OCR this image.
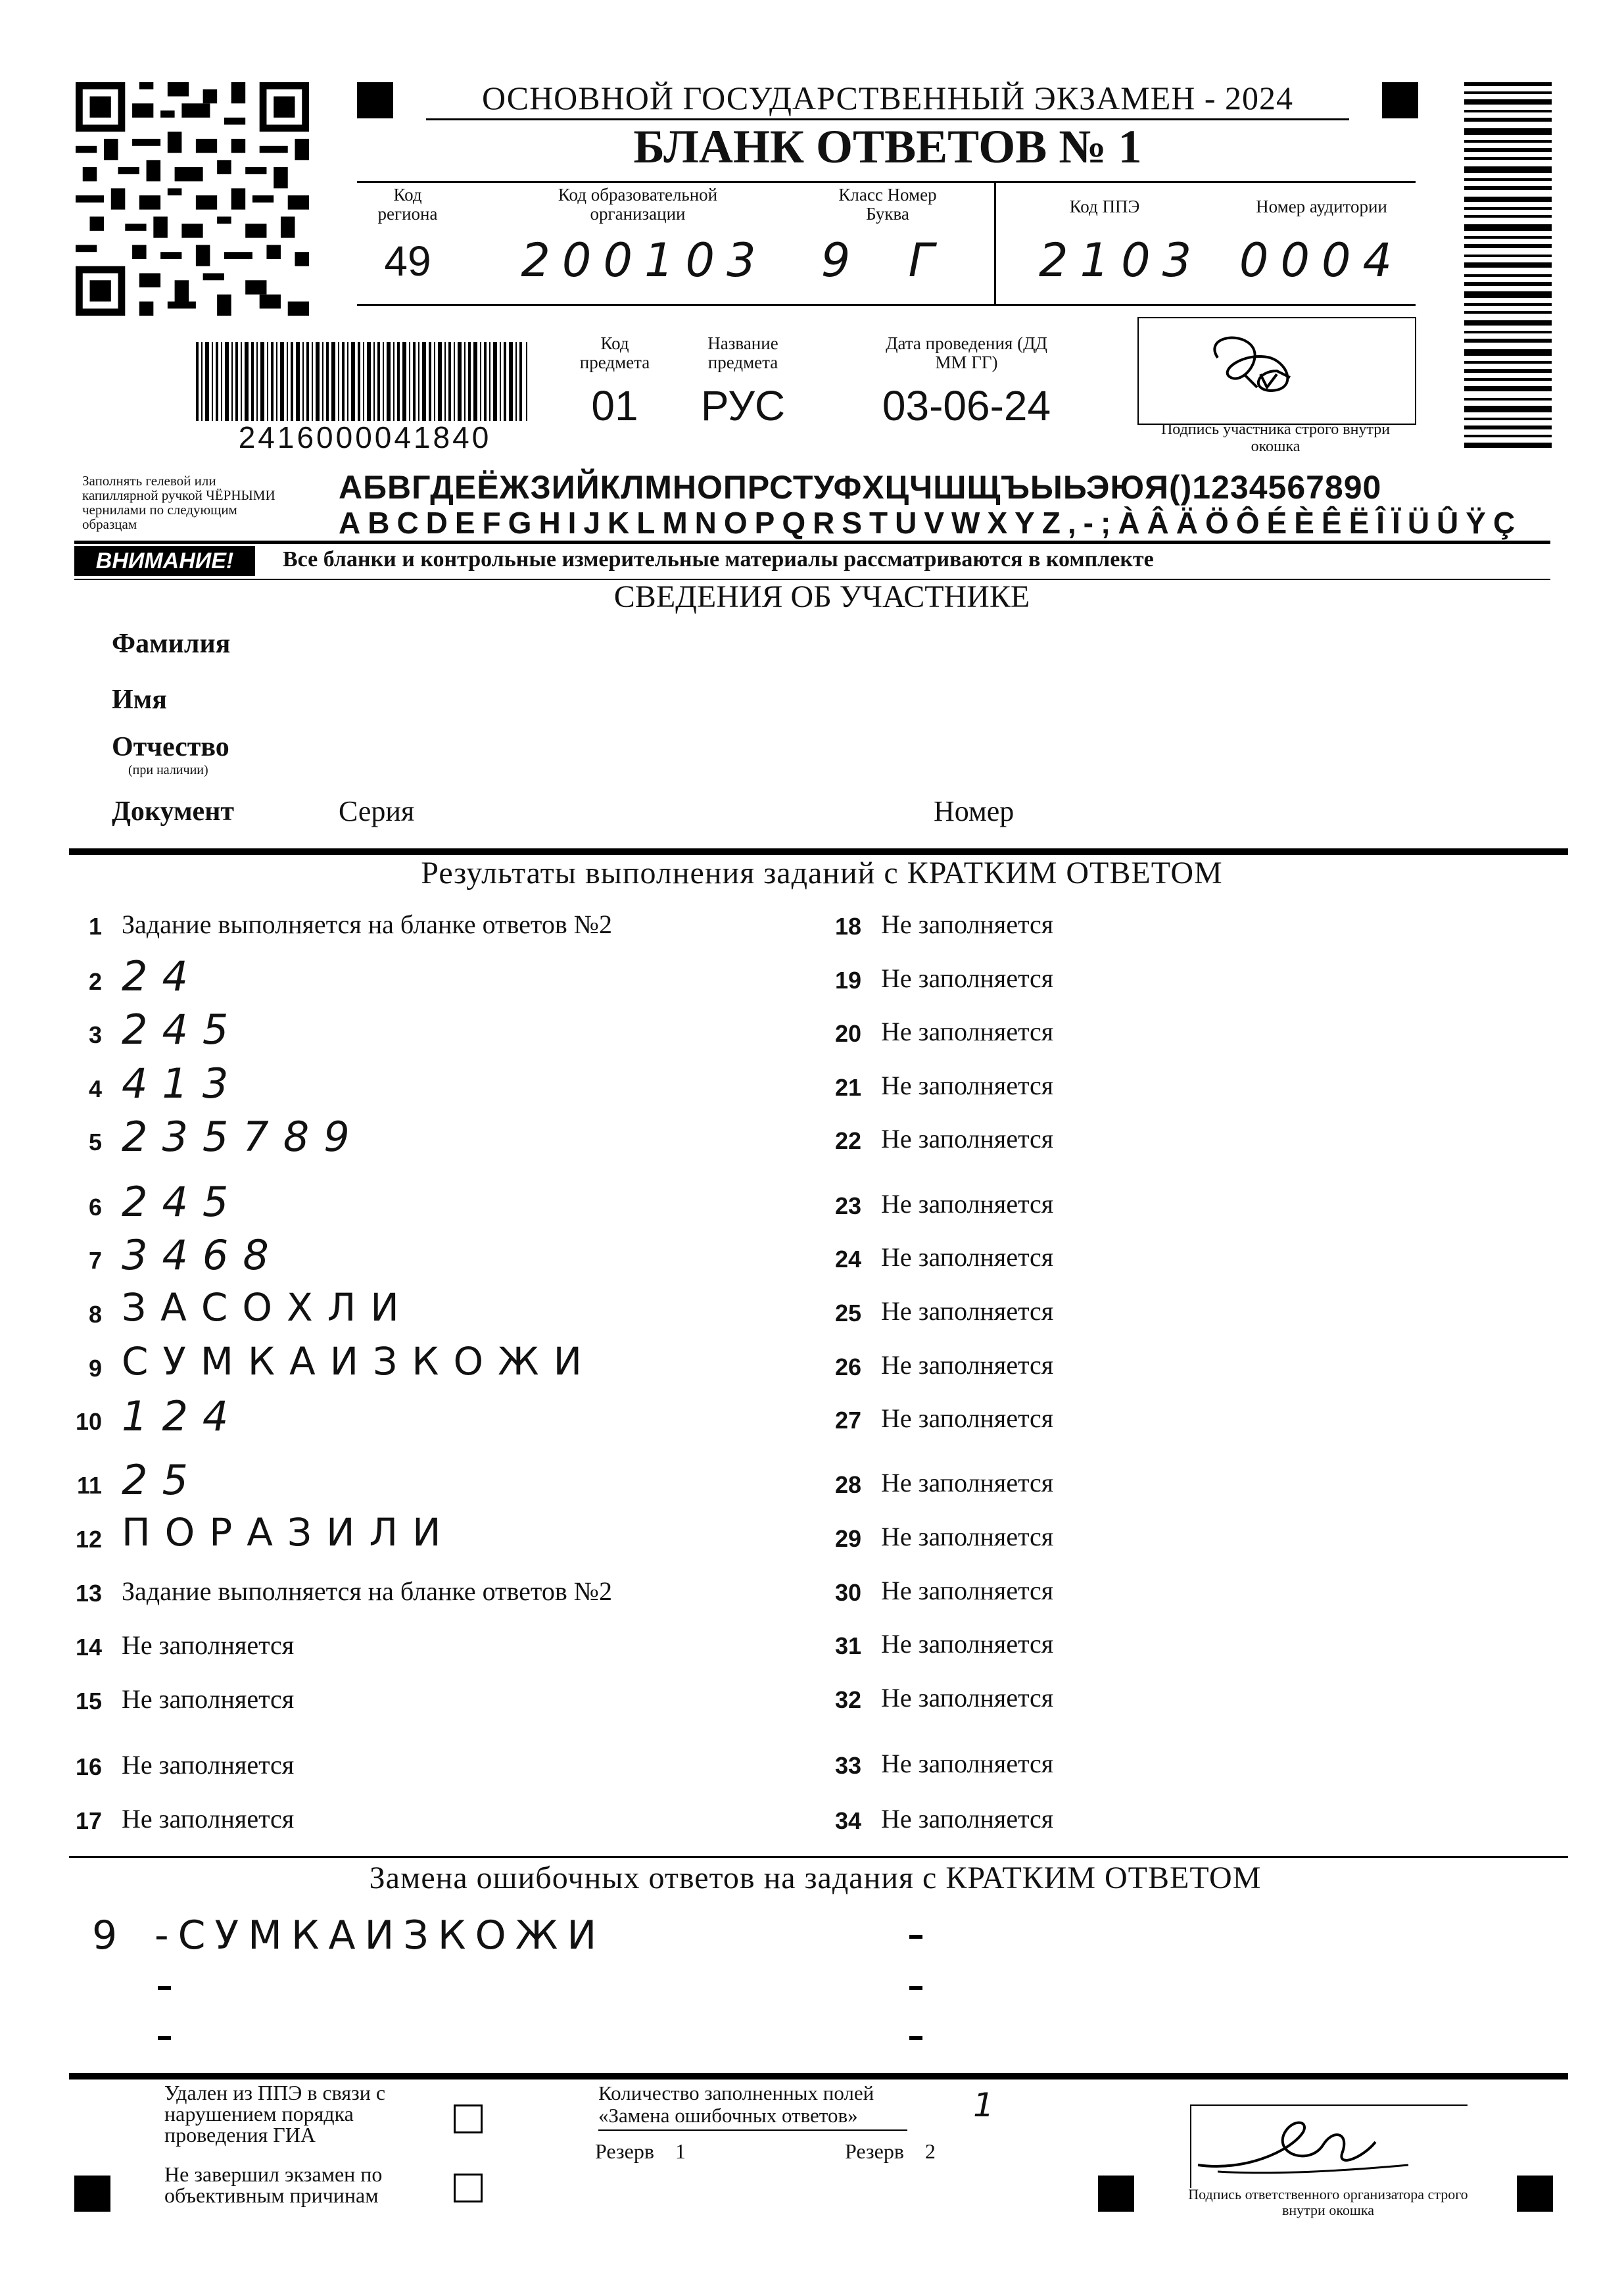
ОСНОВНОЙ ГОСУДАРСТВЕННЫЙ ЭКЗАМЕН - 2024
БЛАНК ОТВЕТОВ № 1
Код региона
49
Код образовательной организации
200103
Класс Номер Буква
9 Г
Код ППЭ
2103
Номер аудитории
0004
2416000041840
Код предмета
01
Название предмета
РУС
Дата проведения (ДД ММ ГГ)
03-06-24	Подпись участника строго внутри окошка
Заполнять гелевой или капиллярной ручкой ЧЁРНЫМИ чернилами по следующим образцам
АБВГДЕЁЖЗИЙКЛМНОПРСТУФХЦЧШЩЪЫЬЭЮЯ()1234567890
ABCDEFGHIJKLMNOPQRSTUVWXYZ,-;ÀÂÄÖÔÉÈÊËÎÏÜÛŸÇ
ВНИМАНИЕ!	Все бланки и контрольные измерительные материалы рассматриваются в комплекте
СВЕДЕНИЯ ОБ УЧАСТНИКЕ
Фамилия
Имя
Отчество
(при наличии)
Документ	Серия	Номер
Результаты выполнения заданий с КРАТКИМ ОТВЕТОМ
1 Задание выполняется на бланке ответов №2
2 24
3 245
4 413
5 235789
6 245
7 3468
8 ЗАСОХЛИ
9 СУМКАИЗКОЖИ
10 124
11 25
12 ПОРАЗИЛИ
13 Задание выполняется на бланке ответов №2
14 Не заполняется
15 Не заполняется
16 Не заполняется
17 Не заполняется
18 Не заполняется
19 Не заполняется
20 Не заполняется
21 Не заполняется
22 Не заполняется
23 Не заполняется
24 Не заполняется
25 Не заполняется
26 Не заполняется
27 Не заполняется
28 Не заполняется
29 Не заполняется
30 Не заполняется
31 Не заполняется
32 Не заполняется
33 Не заполняется
34 Не заполняется
Замена ошибочных ответов на задания с КРАТКИМ ОТВЕТОМ
9 -СУМКАИЗКОЖИ
Удален из ППЭ в связи с нарушением порядка проведения ГИА
Не завершил экзамен по объективным причинам
Количество заполненных полей «Замена ошибочных ответов»	1
Резерв 1	Резерв 2
Подпись ответственного организатора строго внутри окошка
